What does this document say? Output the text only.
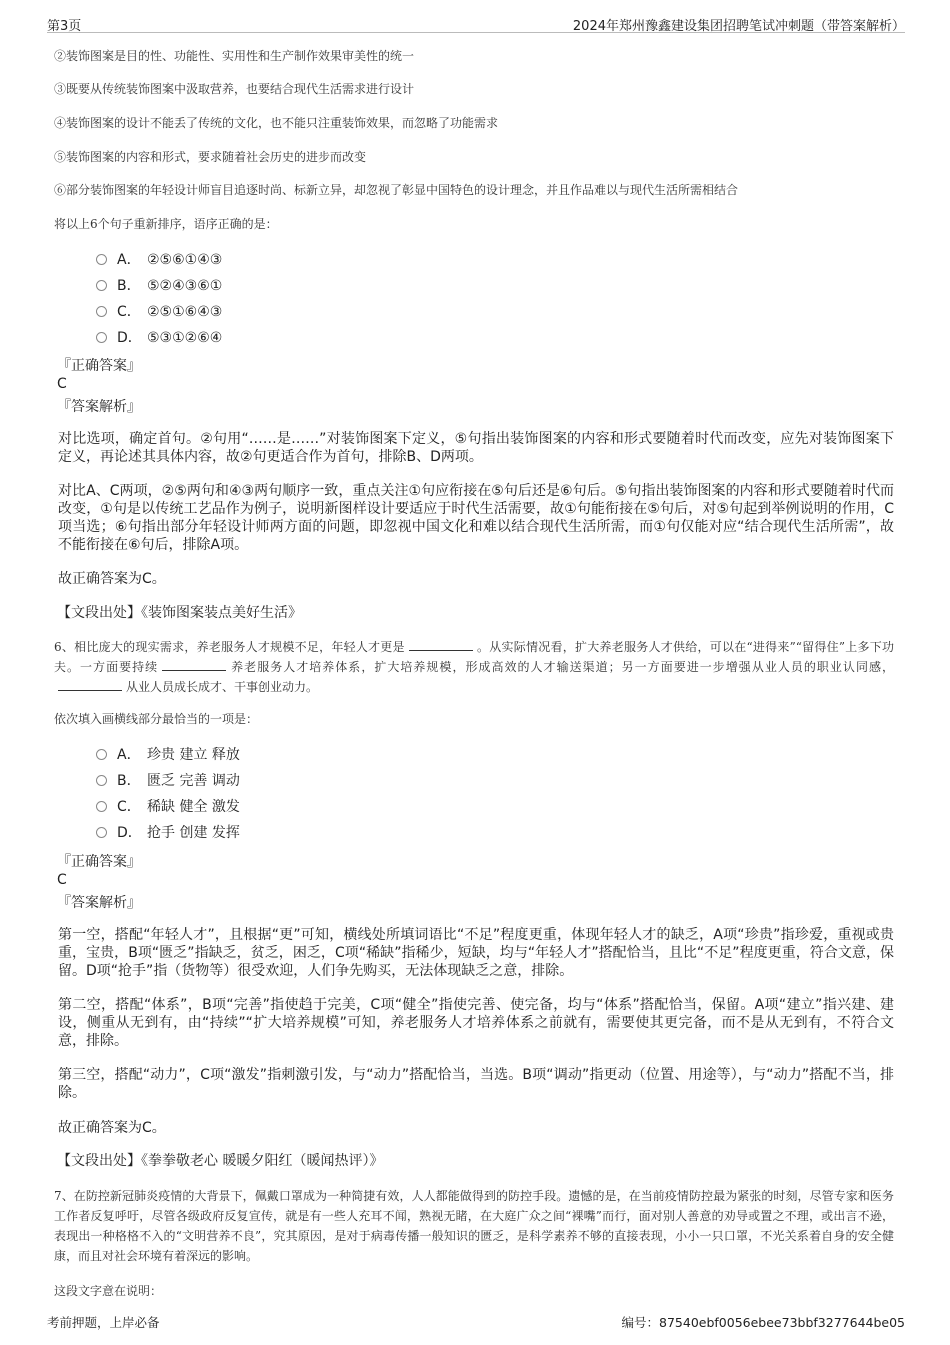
第3页	2024年郑州豫鑫建设集团招聘笔试冲刺题（带答案解析）
②装饰图案是目的性、功能性、实用性和生产制作效果审美性的统一
③既要从传统装饰图案中汲取营养，也要结合现代生活需求进行设计
④装饰图案的设计不能丢了传统的文化，也不能只注重装饰效果，而忽略了功能需求
⑤装饰图案的内容和形式，要求随着社会历史的进步而改变
⑥部分装饰图案的年轻设计师盲目追逐时尚、标新立异，却忽视了彰显中国特色的设计理念，并且作品难以与现代生活所需相结合
将以上6个句子重新排序，语序正确的是：
A． ②⑤⑥①④③
B． ⑤②④③⑥①
C． ②⑤①⑥④③
D． ⑤③①②⑥④
『正确答案』
C
『答案解析』
对比选项，确定首句。②句用“……是……”对装饰图案下定义，⑤句指出装饰图案的内容和形式要随着时代而改变，应先对装饰图案下定义，再论述其具体内容，故②句更适合作为首句，排除B、D两项。
对比A、C两项，②⑤两句和④③两句顺序一致，重点关注①句应衔接在⑤句后还是⑥句后。⑤句指出装饰图案的内容和形式要随着时代而改变，①句是以传统工艺品作为例子，说明新图样设计要适应于时代生活需要，故①句能衔接在⑤句后，对⑤句起到举例说明的作用，C项当选；⑥句指出部分年轻设计师两方面的问题，即忽视中国文化和难以结合现代生活所需，而①句仅能对应“结合现代生活所需”，故不能衔接在⑥句后，排除A项。
故正确答案为C。
【文段出处】《装饰图案装点美好生活》
6、相比庞大的现实需求，养老服务人才规模不足，年轻人才更是	。从实际情况看，扩大养老服务人才供给，可以在“进得来”“留得住”上多下功夫。一方面要持续	养老服务人才培养体系，扩大培养规模，形成高效的人才输送渠道；另一方面要进一步增强从业人员的职业认同感，从业人员成长成才、干事创业动力。
依次填入画横线部分最恰当的一项是：
A． 珍贵 建立 释放
B． 匮乏 完善 调动
C． 稀缺 健全 激发
D． 抢手 创建 发挥
『正确答案』
C
『答案解析』
第一空，搭配“年轻人才”，且根据“更”可知，横线处所填词语比“不足”程度更重，体现年轻人才的缺乏，A项“珍贵”指珍爱，重视或贵重，宝贵，B项“匮乏”指缺乏，贫乏，困乏，C项“稀缺”指稀少，短缺，均与“年轻人才”搭配恰当，且比“不足”程度更重，符合文意，保留。D项“抢手”指（货物等）很受欢迎，人们争先购买，无法体现缺乏之意，排除。
第二空，搭配“体系”，B项“完善”指使趋于完美，C项“健全”指使完善、使完备，均与“体系”搭配恰当，保留。A项“建立”指兴建、建设，侧重从无到有，由“持续”“扩大培养规模”可知，养老服务人才培养体系之前就有，需要使其更完备，而不是从无到有，不符合文意，排除。
第三空，搭配“动力”，C项“激发”指刺激引发，与“动力”搭配恰当，当选。B项“调动”指更动（位置、用途等），与“动力”搭配不当，排除。
故正确答案为C。
【文段出处】《拳拳敬老心 暖暖夕阳红（暖闻热评）》
7、在防控新冠肺炎疫情的大背景下，佩戴口罩成为一种简捷有效，人人都能做得到的防控手段。遗憾的是，在当前疫情防控最为紧张的时刻，尽管专家和医务工作者反复呼吁，尽管各级政府反复宣传，就是有一些人充耳不闻，熟视无睹，在大庭广众之间“裸嘴”而行，面对别人善意的劝导或置之不理，或出言不逊，表现出一种格格不入的“文明营养不良”，究其原因，是对于病毒传播一般知识的匮乏，是科学素养不够的直接表现，小小一只口罩，不光关系着自身的安全健康，而且对社会环境有着深远的影响。
这段文字意在说明：
考前押题，上岸必备	编号：87540ebf0056ebee73bbf3277644be05
